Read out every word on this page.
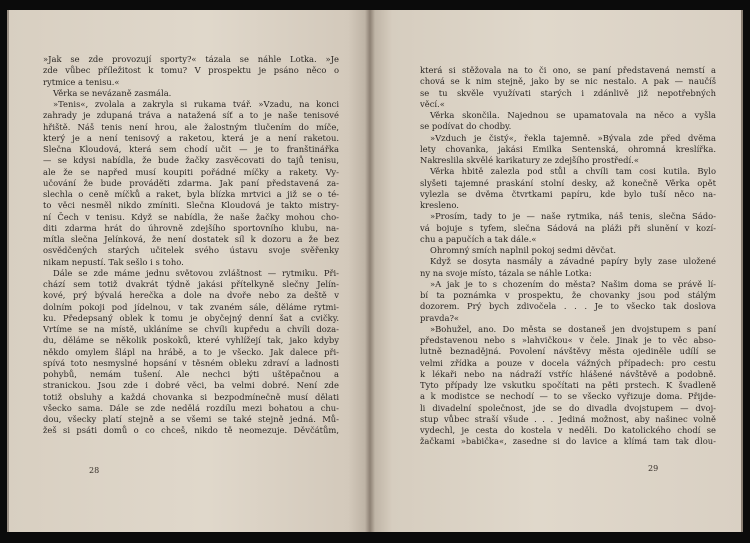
»Jak se zde provozují sporty?« tázala se náhle Lotka. »Je
zde vůbec příležitost k tomu? V prospektu je psáno něco o
rytmice a tenisu.«
Věrka se nevázaně zasmála.
»Tenis«, zvolala a zakryla si rukama tvář. »Vzadu, na konci
zahrady je zdupaná tráva a natažená síť a to je naše tenisové
hřiště. Náš tenis není hrou, ale žalostným tlučením do míče,
který je a není tenisový a raketou, která je a není raketou.
Slečna Kloudová, která sem chodí učit — je to franštinářka
— se kdysi nabídla, že bude žačky zasvěcovati do tajů tenisu,
ale že se napřed musí koupiti pořádné míčky a rakety. Vy-
učování že bude prováděti zdarma. Jak paní představená za-
slechla o ceně míčků a raket, byla blízka mrtvici a již se o té-
to věci nesměl nikdo zmíniti. Slečna Kloudová je takto mistry-
ní Čech v tenisu. Když se nabídla, že naše žačky mohou cho-
diti zdarma hrát do úhrovně zdejšího sportovního klubu, na-
mítla slečna Jelínková, že není dostatek síl k dozoru a že bez
osvědčených starých učitelek svého ústavu svoje svěřenky
nikam nepustí. Tak sešlo i s toho.
Dále se zde máme jednu světovou zvláštnost — rytmiku. Při-
chází sem totiž dvakrát týdně jakási přítelkyně slečny Jelín-
kové, prý bývalá herečka a dole na dvoře nebo za deště v
dolním pokoji pod jídelnou, v tak zvaném sále, děláme rytmi-
ku. Předepsaný oblek k tomu je obyčejný denní šat a cvičky.
Vrtíme se na místě, ukláníme se chvíli kupředu a chvíli doza-
du, děláme se několik poskoků, které vyhlížejí tak, jako kdyby
někdo omylem šlápl na hrábě, a to je všecko. Jak dalece při-
spívá toto nesmyslné hopsání v těsném obleku zdraví a ladnosti
pohybů, nemám tušení. Ale nechci býti uštěpačnou a
stranickou. Jsou zde i dobré věci, ba velmi dobré. Není zde
totiž obsluhy a každá chovanka si bezpodmínečně musí dělati
všecko sama. Dále se zde nedělá rozdílu mezi bohatou a chu-
dou, všecky platí stejně a se všemi se také stejně jedná. Mů-
žeš si psáti domů o co chceš, nikdo tě neomezuje. Děvčátům,
28
která si stěžovala na to či ono, se paní představená nemstí a
chová se k nim stejně, jako by se nic nestalo. A pak — naučíš
se tu skvěle využívati starých i zdánlivě již nepotřebných
věcí.«
Věrka skončila. Najednou se upamatovala na něco a vyšla
se podívat do chodby.
»Vzduch je čistý«, řekla tajemně. »Bývala zde před dvěma
lety chovanka, jakási Emilka Sentenská, ohromná kreslířka.
Nakreslila skvělé karikatury ze zdejšího prostředí.«
Věrka hbitě zalezla pod stůl a chvíli tam cosi kutila. Bylo
slyšeti tajemné praskání stolní desky, až konečně Věrka opět
vylezla se dvěma čtvrtkami papíru, kde bylo tuší něco na-
kresleno.
»Prosím, tady to je — naše rytmika, náš tenis, slečna Sádo-
vá bojuje s tyfem, slečna Sádová na pláži při slunění v kozí-
chu a papučích a tak dále.«
Ohromný smích naplnil pokoj sedmi děvčat.
Když se dosyta nasmály a závadné papíry byly zase uložené
ny na svoje místo, tázala se náhle Lotka:
»A jak je to s chozením do města? Našim doma se právě lí-
bí ta poznámka v prospektu, že chovanky jsou pod stálým
dozorem. Prý bych zdivočela . . . Je to všecko tak doslova
pravda?«
»Bohužel, ano. Do města se dostaneš jen dvojstupem s paní
představenou nebo s »lahvičkou« v čele. Jinak je to věc abso-
lutně beznadějná. Povolení návštěvy města ojediněle udílí se
velmi zřídka a pouze v docela vážných případech: pro cestu
k lékaři nebo na nádraží vstříc hlášené návštěvě a podobně.
Tyto případy lze vskutku spočítati na pěti prstech. K švadleně
a k modistce se nechodí — to se všecko vyřizuje doma. Přijde-
li divadelní společnost, jde se do divadla dvojstupem — dvoj-
stup vůbec straší všude . . . Jediná možnost, aby našinec volně
vydechl, je cesta do kostela v neděli. Do katolického chodí se
žačkami »babička«, zasedne si do lavice a klímá tam tak dlou-
29
